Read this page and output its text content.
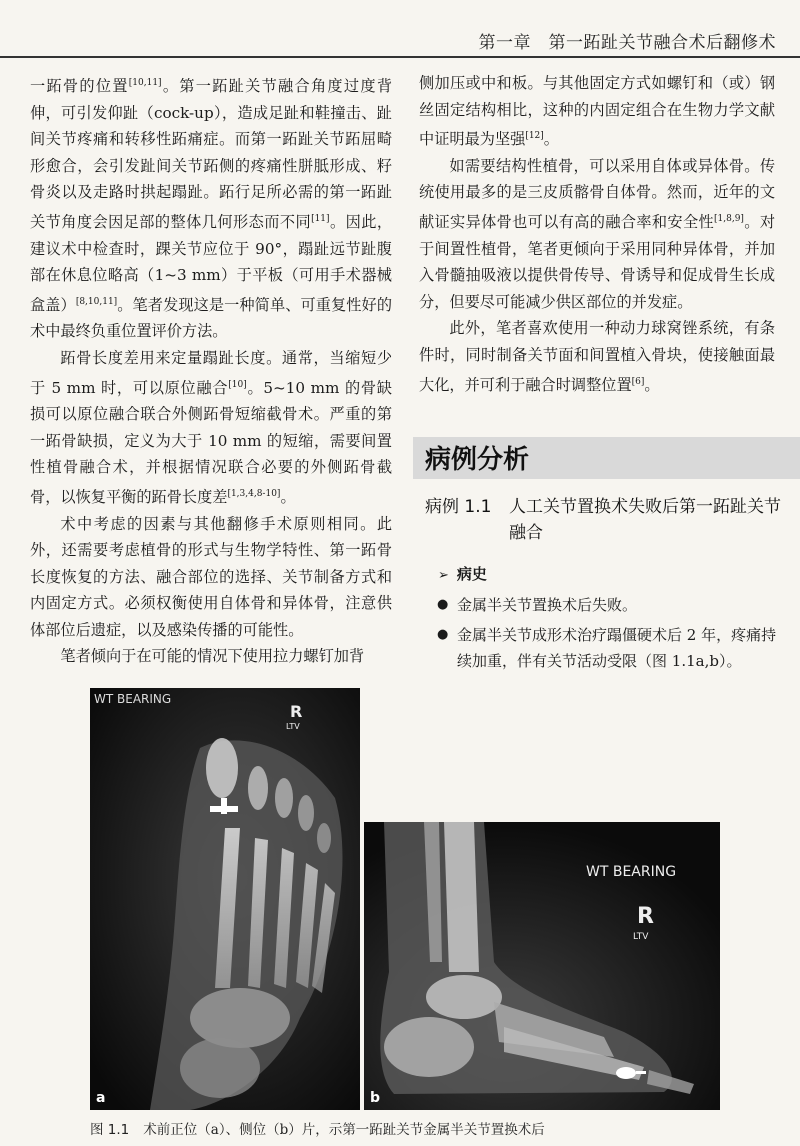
第一章　第一跖趾关节融合术后翻修术

一跖骨的位置[10,11]。第一跖趾关节融合角度过度背伸，可引发仰趾（cock-up），造成足趾和鞋撞击、趾间关节疼痛和转移性跖痛症。而第一跖趾关节跖屈畸形愈合，会引发趾间关节跖侧的疼痛性胼胝形成、籽骨炎以及走路时拱起蹋趾。跖行足所必需的第一跖趾关节角度会因足部的整体几何形态而不同[11]。因此，建议术中检查时，踝关节应位于 90°，蹋趾远节趾腹部在休息位略高（1~3 mm）于平板（可用手术器械盒盖）[8,10,11]。笔者发现这是一种简单、可重复性好的术中最终负重位置评价方法。

跖骨长度差用来定量蹋趾长度。通常，当缩短少于 5 mm 时，可以原位融合[10]。5~10 mm 的骨缺损可以原位融合联合外侧跖骨短缩截骨术。严重的第一跖骨缺损，定义为大于 10 mm 的短缩，需要间置性植骨融合术，并根据情况联合必要的外侧跖骨截骨，以恢复平衡的跖骨长度差[1,3,4,8-10]。

术中考虑的因素与其他翻修手术原则相同。此外，还需要考虑植骨的形式与生物学特性、第一跖骨长度恢复的方法、融合部位的选择、关节制备方式和内固定方式。必须权衡使用自体骨和异体骨，注意供体部位后遗症，以及感染传播的可能性。

笔者倾向于在可能的情况下使用拉力螺钉加背

侧加压或中和板。与其他固定方式如螺钉和（或）钢丝固定结构相比，这种的内固定组合在生物力学文献中证明最为坚强[12]。

如需要结构性植骨，可以采用自体或异体骨。传统使用最多的是三皮质髂骨自体骨。然而，近年的文献证实异体骨也可以有高的融合率和安全性[1,8,9]。对于间置性植骨，笔者更倾向于采用同种异体骨，并加入骨髓抽吸液以提供骨传导、骨诱导和促成骨生长成分，但要尽可能减少供区部位的并发症。

此外，笔者喜欢使用一种动力球窝锉系统，有条件时，同时制备关节面和间置植入骨块，使接触面最大化，并可利于融合时调整位置[6]。

病例分析
病例 1.1 人工关节置换术失败后第一跖趾关节融合
➢ 病史
● 金属半关节置换术后失败。
● 金属半关节成形术治疗蹋僵硬术后 2 年，疼痛持续加重，伴有关节活动受限（图 1.1a,b）。
WT BEARING
R
LTV
a
WT BEARING
R
LTV
b
图 1.1 术前正位（a）、侧位（b）片，示第一跖趾关节金属半关节置换术后
